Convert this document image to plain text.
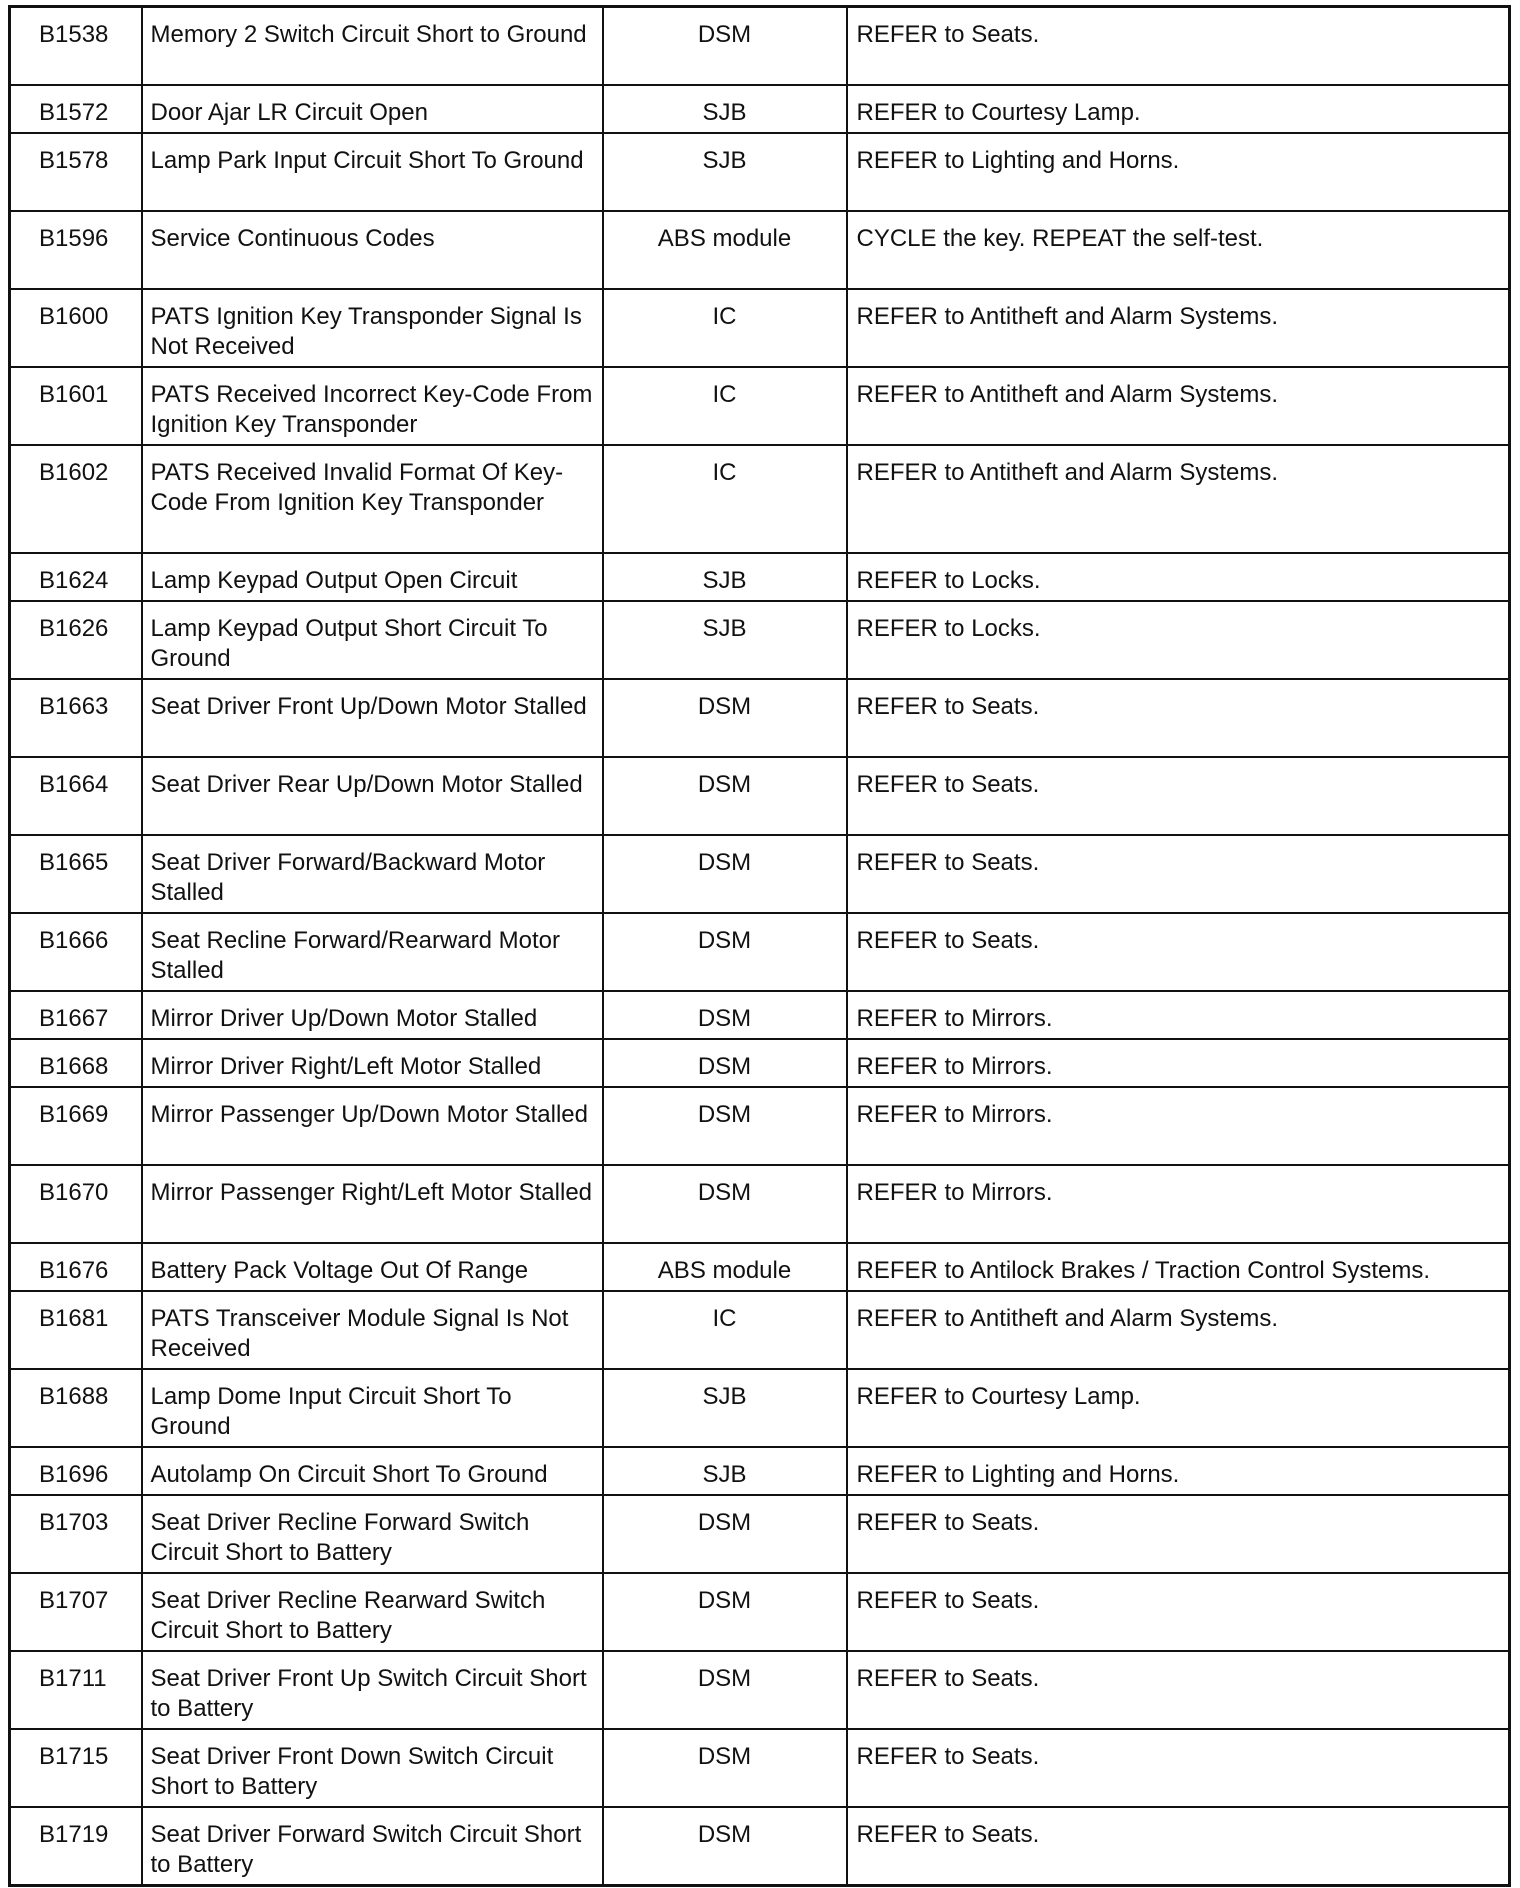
B1538	Memory 2 Switch Circuit Short to Ground	DSM	REFER to Seats.
B1572	Door Ajar LR Circuit Open	SJB	REFER to Courtesy Lamp.
B1578	Lamp Park Input Circuit Short To Ground	SJB	REFER to Lighting and Horns.
B1596	Service Continuous Codes	ABS module	CYCLE the key. REPEAT the self-test.
B1600	PATS Ignition Key Transponder Signal Is Not Received	IC	REFER to Antitheft and Alarm Systems.
B1601	PATS Received Incorrect Key-Code From Ignition Key Transponder	IC	REFER to Antitheft and Alarm Systems.
B1602	PATS Received Invalid Format Of Key-Code From Ignition Key Transponder	IC	REFER to Antitheft and Alarm Systems.
B1624	Lamp Keypad Output Open Circuit	SJB	REFER to Locks.
B1626	Lamp Keypad Output Short Circuit To Ground	SJB	REFER to Locks.
B1663	Seat Driver Front Up/Down Motor Stalled	DSM	REFER to Seats.
B1664	Seat Driver Rear Up/Down Motor Stalled	DSM	REFER to Seats.
B1665	Seat Driver Forward/Backward Motor Stalled	DSM	REFER to Seats.
B1666	Seat Recline Forward/Rearward Motor Stalled	DSM	REFER to Seats.
B1667	Mirror Driver Up/Down Motor Stalled	DSM	REFER to Mirrors.
B1668	Mirror Driver Right/Left Motor Stalled	DSM	REFER to Mirrors.
B1669	Mirror Passenger Up/Down Motor Stalled	DSM	REFER to Mirrors.
B1670	Mirror Passenger Right/Left Motor Stalled	DSM	REFER to Mirrors.
B1676	Battery Pack Voltage Out Of Range	ABS module	REFER to Antilock Brakes / Traction Control Systems.
B1681	PATS Transceiver Module Signal Is Not Received	IC	REFER to Antitheft and Alarm Systems.
B1688	Lamp Dome Input Circuit Short To Ground	SJB	REFER to Courtesy Lamp.
B1696	Autolamp On Circuit Short To Ground	SJB	REFER to Lighting and Horns.
B1703	Seat Driver Recline Forward Switch Circuit Short to Battery	DSM	REFER to Seats.
B1707	Seat Driver Recline Rearward Switch Circuit Short to Battery	DSM	REFER to Seats.
B1711	Seat Driver Front Up Switch Circuit Short to Battery	DSM	REFER to Seats.
B1715	Seat Driver Front Down Switch Circuit Short to Battery	DSM	REFER to Seats.
B1719	Seat Driver Forward Switch Circuit Short to Battery	DSM	REFER to Seats.
